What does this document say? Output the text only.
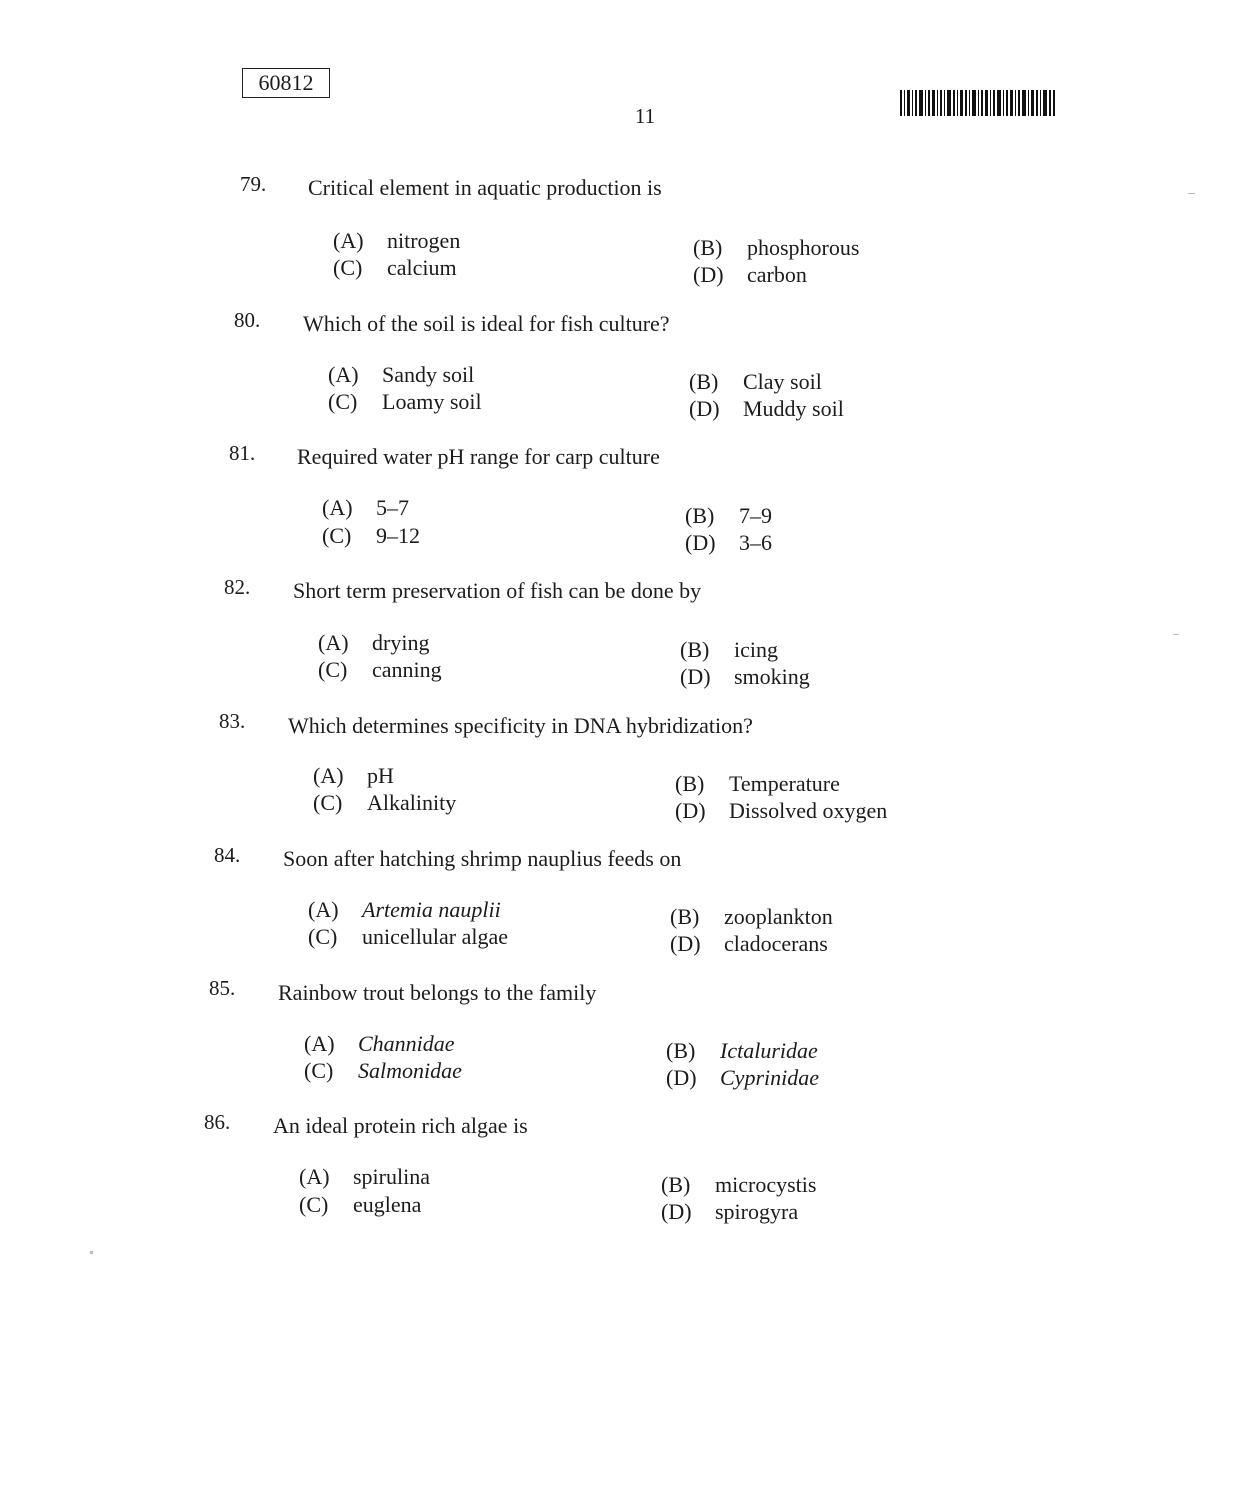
60812
11
79. Critical element in aquatic production is
(A) nitrogen	(B) phosphorous
(C) calcium	(D) carbon
80. Which of the soil is ideal for fish culture?
(A) Sandy soil	(B) Clay soil
(C) Loamy soil	(D) Muddy soil
81. Required water pH range for carp culture
(A) 5–7	(B) 7–9
(C) 9–12	(D) 3–6
82. Short term preservation of fish can be done by
(A) drying	(B) icing
(C) canning	(D) smoking
83. Which determines specificity in DNA hybridization?
(A) pH	(B) Temperature
(C) Alkalinity	(D) Dissolved oxygen
84. Soon after hatching shrimp nauplius feeds on
(A) Artemia nauplii	(B) zooplankton
(C) unicellular algae	(D) cladocerans
85. Rainbow trout belongs to the family
(A) Channidae	(B) Ictaluridae
(C) Salmonidae	(D) Cyprinidae
86. An ideal protein rich algae is
(A) spirulina	(B) microcystis
(C) euglena	(D) spirogyra
